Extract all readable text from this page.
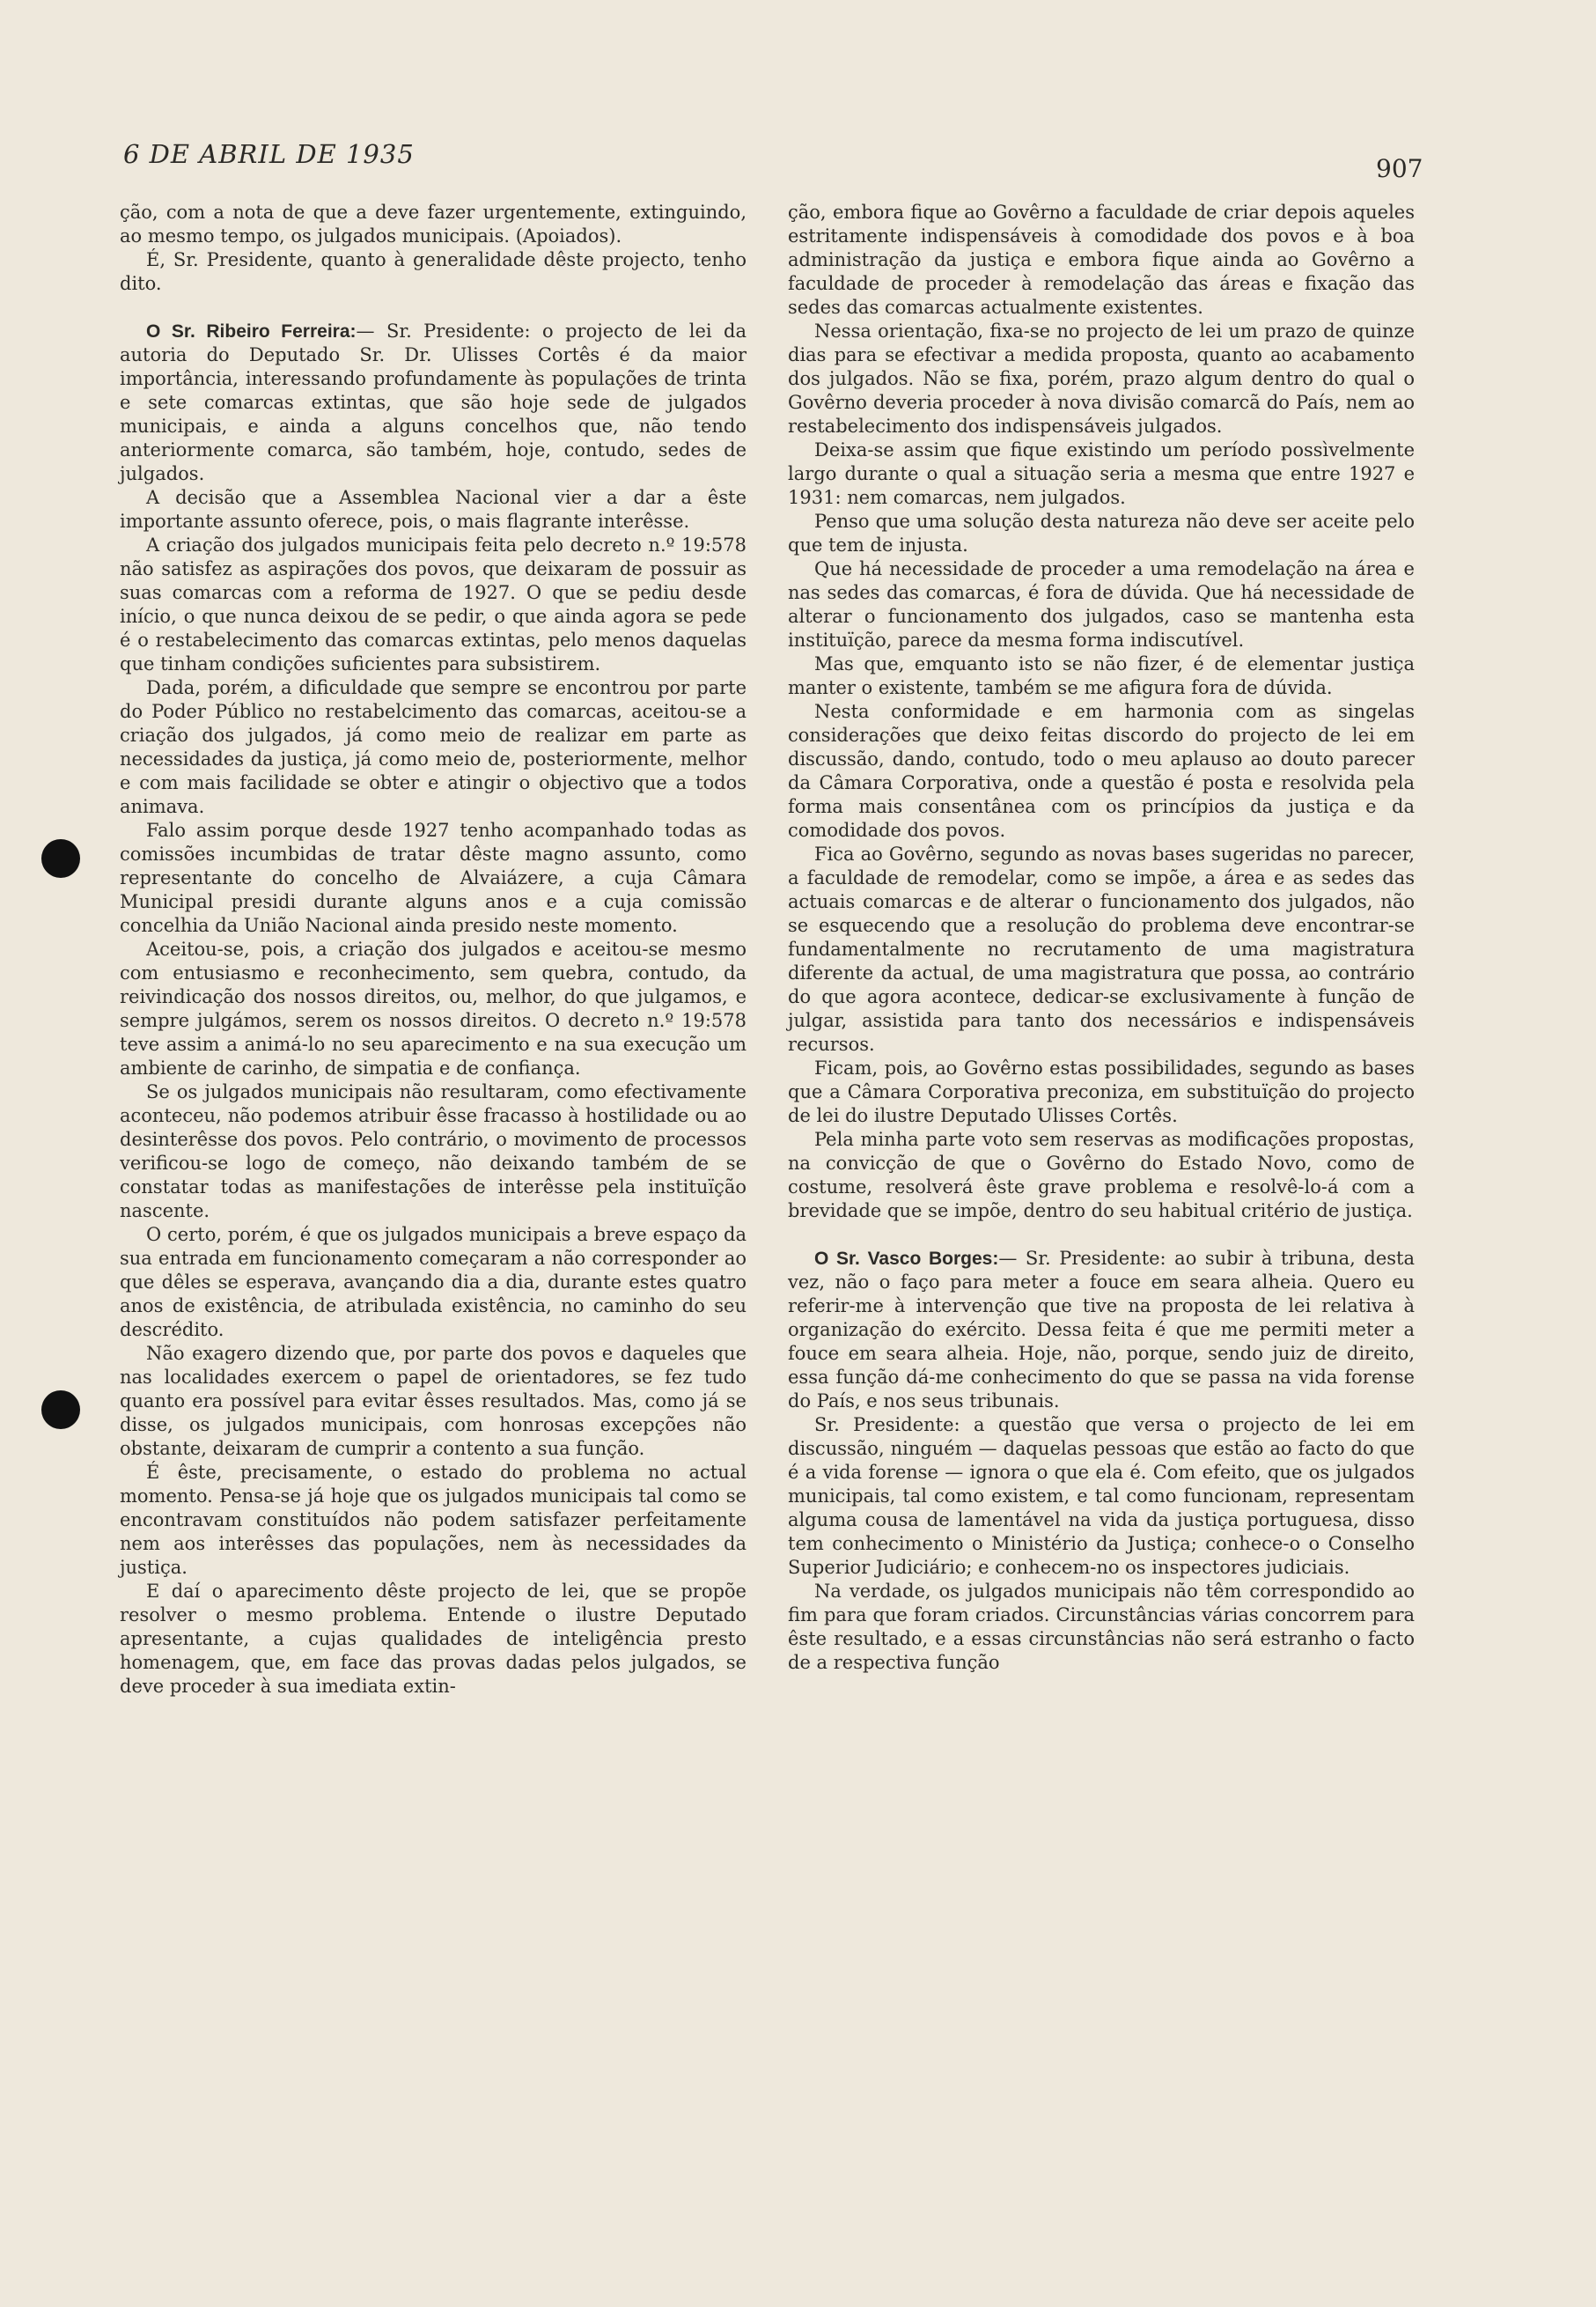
6 DE ABRIL DE 1935	907

ção, com a nota de que a deve fazer urgentemente, extinguindo, ao mesmo tempo, os julgados municipais. (Apoiados).

É, Sr. Presidente, quanto à generalidade dêste projecto, tenho dito.

O Sr. Ribeiro Ferreira:— Sr. Presidente: o projecto de lei da autoria do Deputado Sr. Dr. Ulisses Cortês é da maior importância, interessando profundamente às populações de trinta e sete comarcas extintas, que são hoje sede de julgados municipais, e ainda a alguns concelhos que, não tendo anteriormente comarca, são também, hoje, contudo, sedes de julgados.

A decisão que a Assemblea Nacional vier a dar a êste importante assunto oferece, pois, o mais flagrante interêsse.

A criação dos julgados municipais feita pelo decreto n.º 19:578 não satisfez as aspirações dos povos, que deixaram de possuir as suas comarcas com a reforma de 1927. O que se pediu desde início, o que nunca deixou de se pedir, o que ainda agora se pede é o restabelecimento das comarcas extintas, pelo menos daquelas que tinham condições suficientes para subsistirem.

Dada, porém, a dificuldade que sempre se encontrou por parte do Poder Público no restabelcimento das comarcas, aceitou-se a criação dos julgados, já como meio de realizar em parte as necessidades da justiça, já como meio de, posteriormente, melhor e com mais facilidade se obter e atingir o objectivo que a todos animava.

Falo assim porque desde 1927 tenho acompanhado todas as comissões incumbidas de tratar dêste magno assunto, como representante do concelho de Alvaiázere, a cuja Câmara Municipal presidi durante alguns anos e a cuja comissão concelhia da União Nacional ainda presido neste momento.

Aceitou-se, pois, a criação dos julgados e aceitou-se mesmo com entusiasmo e reconhecimento, sem quebra, contudo, da reivindicação dos nossos direitos, ou, melhor, do que julgamos, e sempre julgámos, serem os nossos direitos. O decreto n.º 19:578 teve assim a animá-lo no seu aparecimento e na sua execução um ambiente de carinho, de simpatia e de confiança.

Se os julgados municipais não resultaram, como efectivamente aconteceu, não podemos atribuir êsse fracasso à hostilidade ou ao desinterêsse dos povos. Pelo contrário, o movimento de processos verificou-se logo de começo, não deixando também de se constatar todas as manifestações de interêsse pela instituïção nascente.

O certo, porém, é que os julgados municipais a breve espaço da sua entrada em funcionamento começaram a não corresponder ao que dêles se esperava, avançando dia a dia, durante estes quatro anos de existência, de atribulada existência, no caminho do seu descrédito.

Não exagero dizendo que, por parte dos povos e daqueles que nas localidades exercem o papel de orientadores, se fez tudo quanto era possível para evitar êsses resultados. Mas, como já se disse, os julgados municipais, com honrosas excepções não obstante, deixaram de cumprir a contento a sua função.

É êste, precisamente, o estado do problema no actual momento. Pensa-se já hoje que os julgados municipais tal como se encontravam constituídos não podem satisfazer perfeitamente nem aos interêsses das populações, nem às necessidades da justiça.

E daí o aparecimento dêste projecto de lei, que se propõe resolver o mesmo problema. Entende o ilustre Deputado apresentante, a cujas qualidades de inteligência presto homenagem, que, em face das provas dadas pelos julgados, se deve proceder à sua imediata extin-

ção, embora fique ao Govêrno a faculdade de criar depois aqueles estritamente indispensáveis à comodidade dos povos e à boa administração da justiça e embora fique ainda ao Govêrno a faculdade de proceder à remodelação das áreas e fixação das sedes das comarcas actualmente existentes.

Nessa orientação, fixa-se no projecto de lei um prazo de quinze dias para se efectivar a medida proposta, quanto ao acabamento dos julgados. Não se fixa, porém, prazo algum dentro do qual o Govêrno deveria proceder à nova divisão comarcã do País, nem ao restabelecimento dos indispensáveis julgados.

Deixa-se assim que fique existindo um período possìvelmente largo durante o qual a situação seria a mesma que entre 1927 e 1931: nem comarcas, nem julgados.

Penso que uma solução desta natureza não deve ser aceite pelo que tem de injusta.

Que há necessidade de proceder a uma remodelação na área e nas sedes das comarcas, é fora de dúvida. Que há necessidade de alterar o funcionamento dos julgados, caso se mantenha esta instituïção, parece da mesma forma indiscutível.

Mas que, emquanto isto se não fizer, é de elementar justiça manter o existente, também se me afigura fora de dúvida.

Nesta conformidade e em harmonia com as singelas considerações que deixo feitas discordo do projecto de lei em discussão, dando, contudo, todo o meu aplauso ao douto parecer da Câmara Corporativa, onde a questão é posta e resolvida pela forma mais consentânea com os princípios da justiça e da comodidade dos povos.

Fica ao Govêrno, segundo as novas bases sugeridas no parecer, a faculdade de remodelar, como se impõe, a área e as sedes das actuais comarcas e de alterar o funcionamento dos julgados, não se esquecendo que a resolução do problema deve encontrar-se fundamentalmente no recrutamento de uma magistratura diferente da actual, de uma magistratura que possa, ao contrário do que agora acontece, dedicar-se exclusivamente à função de julgar, assistida para tanto dos necessários e indispensáveis recursos.

Ficam, pois, ao Govêrno estas possibilidades, segundo as bases que a Câmara Corporativa preconiza, em substituïção do projecto de lei do ilustre Deputado Ulisses Cortês.

Pela minha parte voto sem reservas as modificações propostas, na convicção de que o Govêrno do Estado Novo, como de costume, resolverá êste grave problema e resolvê-lo-á com a brevidade que se impõe, dentro do seu habitual critério de justiça.

O Sr. Vasco Borges:— Sr. Presidente: ao subir à tribuna, desta vez, não o faço para meter a fouce em seara alheia. Quero eu referir-me à intervenção que tive na proposta de lei relativa à organização do exército. Dessa feita é que me permiti meter a fouce em seara alheia. Hoje, não, porque, sendo juiz de direito, essa função dá-me conhecimento do que se passa na vida forense do País, e nos seus tribunais.

Sr. Presidente: a questão que versa o projecto de lei em discussão, ninguém — daquelas pessoas que estão ao facto do que é a vida forense — ignora o que ela é. Com efeito, que os julgados municipais, tal como existem, e tal como funcionam, representam alguma cousa de lamentável na vida da justiça portuguesa, disso tem conhecimento o Ministério da Justiça; conhece-o o Conselho Superior Judiciário; e conhecem-no os inspectores judiciais.

Na verdade, os julgados municipais não têm correspondido ao fim para que foram criados. Circunstâncias várias concorrem para êste resultado, e a essas circunstâncias não será estranho o facto de a respectiva função
